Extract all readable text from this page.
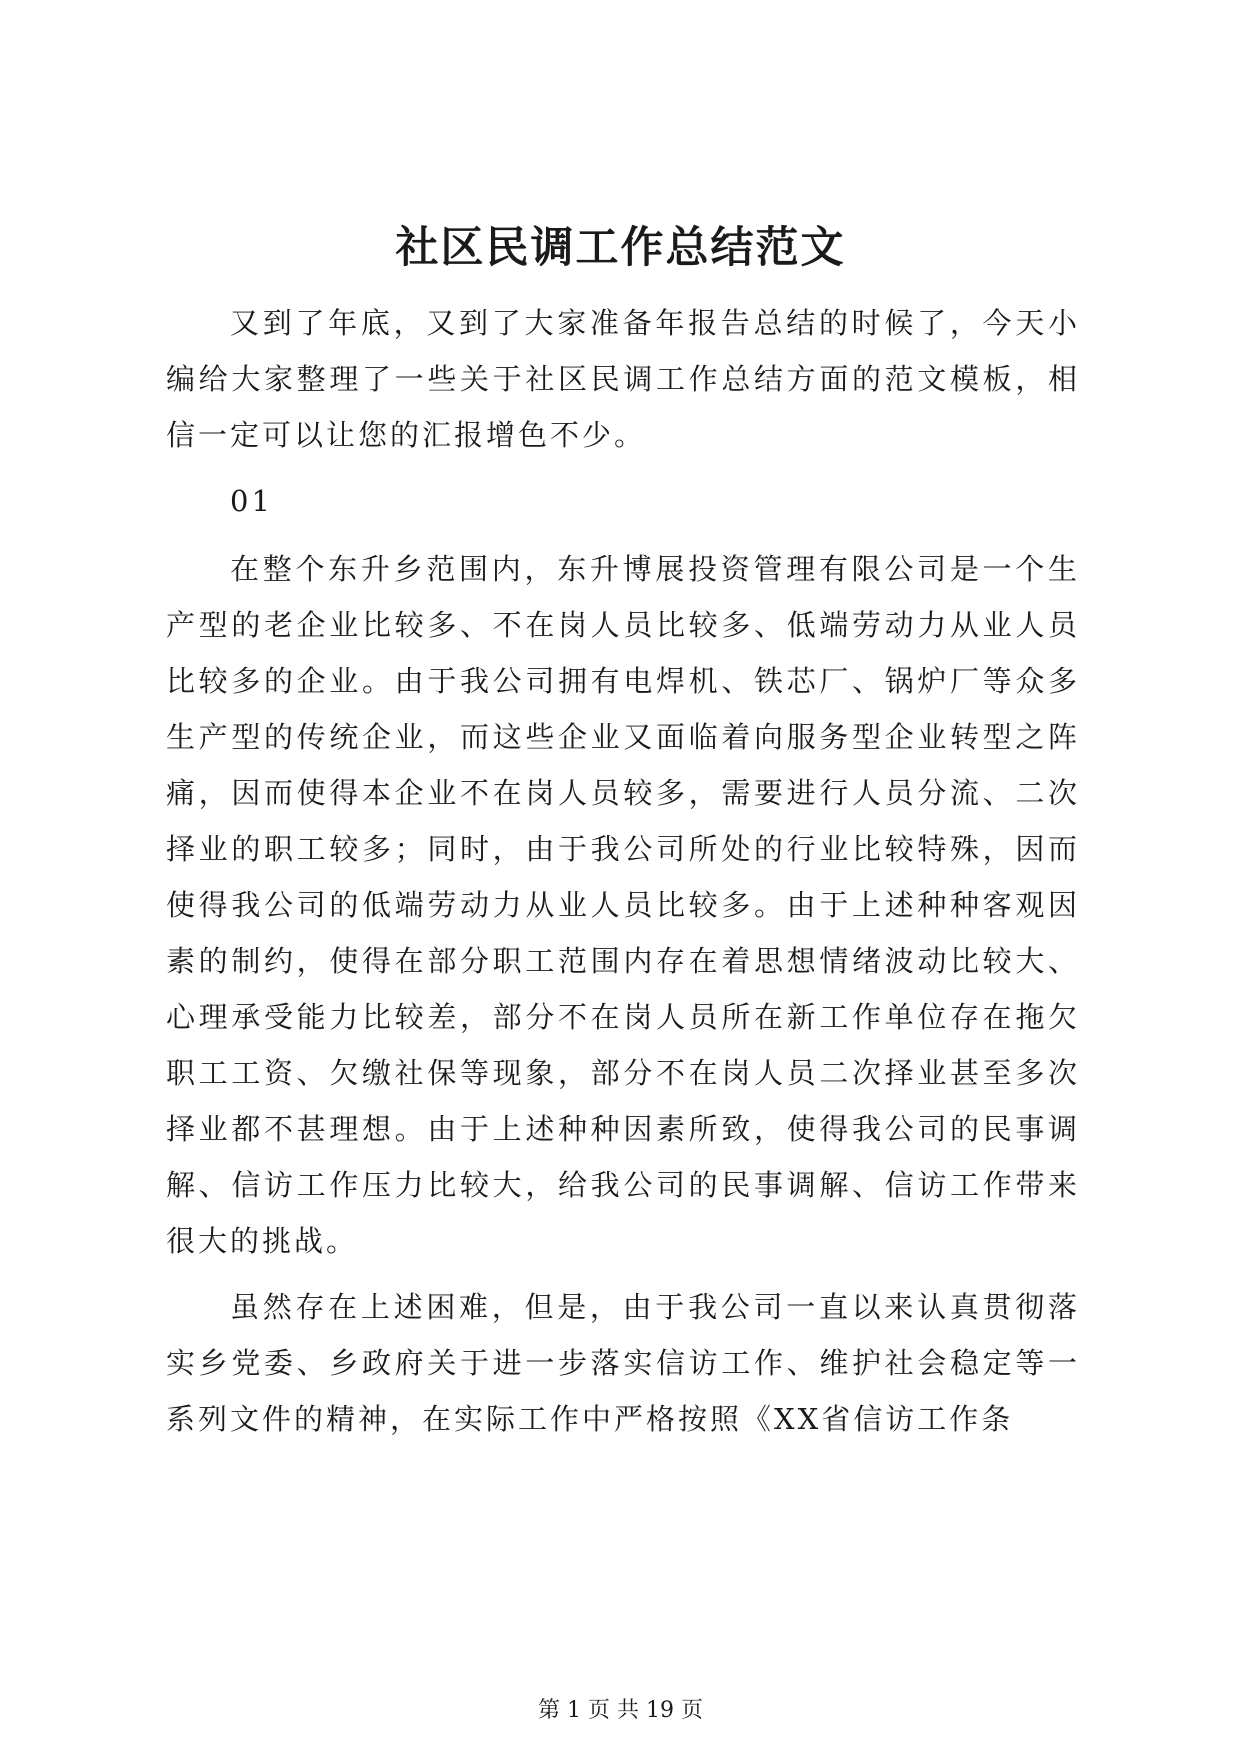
社区民调工作总结范文

又到了年底，又到了大家准备年报告总结的时候了，今天小编给大家整理了一些关于社区民调工作总结方面的范文模板，相信一定可以让您的汇报增色不少。

01

在整个东升乡范围内，东升博展投资管理有限公司是一个生产型的老企业比较多、不在岗人员比较多、低端劳动力从业人员比较多的企业。由于我公司拥有电焊机、铁芯厂、锅炉厂等众多生产型的传统企业，而这些企业又面临着向服务型企业转型之阵痛，因而使得本企业不在岗人员较多，需要进行人员分流、二次择业的职工较多；同时，由于我公司所处的行业比较特殊，因而使得我公司的低端劳动力从业人员比较多。由于上述种种客观因素的制约，使得在部分职工范围内存在着思想情绪波动比较大、心理承受能力比较差，部分不在岗人员所在新工作单位存在拖欠职工工资、欠缴社保等现象，部分不在岗人员二次择业甚至多次择业都不甚理想。由于上述种种因素所致，使得我公司的民事调解、信访工作压力比较大，给我公司的民事调解、信访工作带来很大的挑战。

虽然存在上述困难，但是，由于我公司一直以来认真贯彻落实乡党委、乡政府关于进一步落实信访工作、维护社会稳定等一系列文件的精神，在实际工作中严格按照《XX省信访工作条

第 1 页 共 19 页
